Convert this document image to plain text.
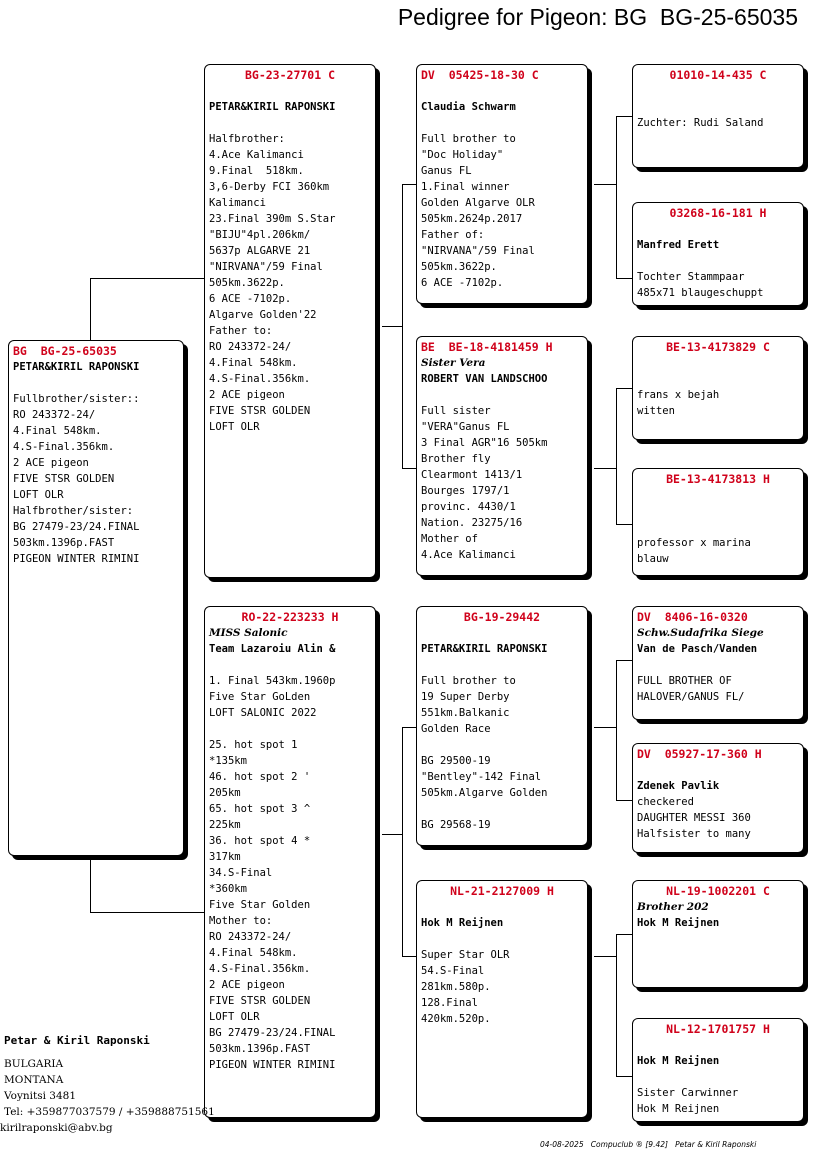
Pedigree for Pigeon: BG  BG-25-65035
BG  BG-25-65035
PETAR&KIRIL RAPONSKI
Fullbrother/sister::
RO 243372-24/
4.Final 548km.
4.S-Final.356km.
2 ACE pigeon
FIVE STSR GOLDEN
LOFT OLR
Halfbrother/sister:
BG 27479-23/24.FINAL
503km.1396p.FAST
PIGEON WINTER RIMINI
BG-23-27701 C
PETAR&KIRIL RAPONSKI
Halfbrother:
4.Ace Kalimanci
9.Final  518km.
3,6-Derby FCI 360km
Kalimanci
23.Final 390m S.Star
"BIJU"4pl.206km/
5637p ALGARVE 21
"NIRVANA"/59 Final
505km.3622p.
6 ACE -7102p.
Algarve Golden'22
Father to:
RO 243372-24/
4.Final 548km.
4.S-Final.356km.
2 ACE pigeon
FIVE STSR GOLDEN
LOFT OLR
RO-22-223233 H
MISS Salonic
Team Lazaroiu Alin &
1. Final 543km.1960p
Five Star GoLden
LOFT SALONIC 2022
25. hot spot 1
*135km
46. hot spot 2 '
205km
65. hot spot 3 ^
225km
36. hot spot 4 *
317km
34.S-Final
*360km
Five Star Golden
Mother to:
RO 243372-24/
4.Final 548km.
4.S-Final.356km.
2 ACE pigeon
FIVE STSR GOLDEN
LOFT OLR
BG 27479-23/24.FINAL
503km.1396p.FAST
PIGEON WINTER RIMINI
DV  05425-18-30 C
Claudia Schwarm
Full brother to
"Doc Holiday"
Ganus FL
1.Final winner
Golden Algarve OLR
505km.2624p.2017
Father of:
"NIRVANA"/59 Final
505km.3622p.
6 ACE -7102p.
BE  BE-18-4181459 H
Sister Vera
ROBERT VAN LANDSCHOO
Full sister
"VERA"Ganus FL
3 Final AGR"16 505km
Brother fly
Clearmont 1413/1
Bourges 1797/1
provinc. 4430/1
Nation. 23275/16
Mother of
4.Ace Kalimanci
BG-19-29442
PETAR&KIRIL RAPONSKI
Full brother to
19 Super Derby
551km.Balkanic
Golden Race
BG 29500-19
"Bentley"-142 Final
505km.Algarve Golden
BG 29568-19
NL-21-2127009 H
Hok M Reijnen
Super Star OLR
54.S-Final
281km.580p.
128.Final
420km.520p.
01010-14-435 C
Zuchter: Rudi Saland
03268-16-181 H
Manfred Erett
Tochter Stammpaar
485x71 blaugeschuppt
BE-13-4173829 C
frans x bejah
witten
BE-13-4173813 H
professor x marina
blauw
DV  8406-16-0320
Schw.Sudafrika Siege
Van de Pasch/Vanden
FULL BROTHER OF
HALOVER/GANUS FL/
DV  05927-17-360 H
Zdenek Pavlik
checkered
DAUGHTER MESSI 360
Halfsister to many
NL-19-1002201 C
Brother 202
Hok M Reijnen
NL-12-1701757 H
Hok M Reijnen
Sister Carwinner
Hok M Reijnen
Petar & Kiril Raponski
BULGARIA
MONTANA
Voynitsi 3481
Tel: +359877037579 / +359888751561
kirilraponski@abv.bg
04-08-2025   Compuclub ® [9.42]   Petar & Kiril Raponski
